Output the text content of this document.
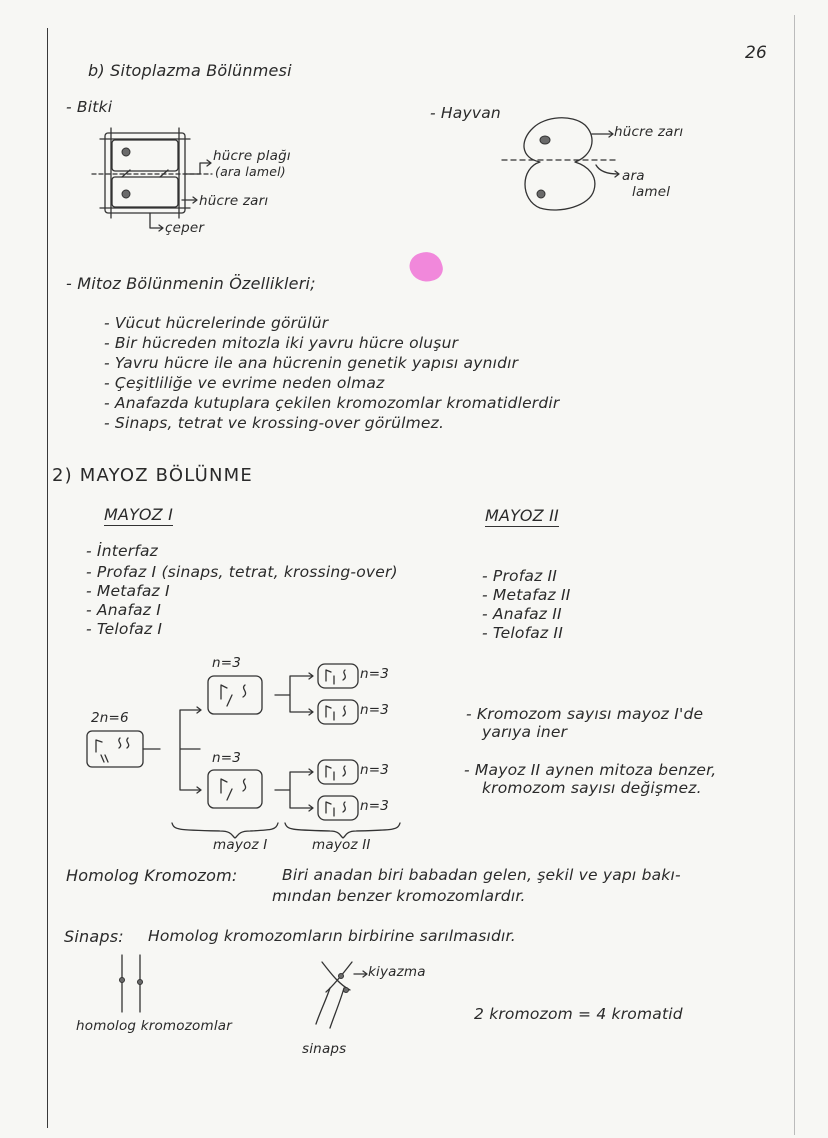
26
b) Sitoplazma Bölünmesi
- Bitki	- Hayvan
hücre plağı
(ara lamel)
hücre zarı
çeper
hücre zarı
ara
lamel
- Mitoz Bölünmenin Özellikleri;
- Vücut hücrelerinde görülür
- Bir hücreden mitozla iki yavru hücre oluşur
- Yavru hücre ile ana hücrenin genetik yapısı aynıdır
- Çeşitliliğe ve evrime neden olmaz
- Anafazda kutuplara çekilen kromozomlar kromatidlerdir
- Sinaps, tetrat ve krossing-over görülmez.
2) MAYOZ BÖLÜNME
MAYOZ I
- İnterfaz
- Profaz I (sinaps, tetrat, krossing-over)
- Metafaz I
- Anafaz I
- Telofaz I
MAYOZ II
- Profaz II
- Metafaz II
- Anafaz II
- Telofaz II
2n=6
n=3
n=3
n=3
n=3
n=3
n=3
mayoz I	mayoz II
- Kromozom sayısı mayoz I'de
yarıya iner
- Mayoz II aynen mitoza benzer,
kromozom sayısı değişmez.
Homolog Kromozom:	Biri anadan biri babadan gelen, şekil ve yapı bakı-
mından benzer kromozomlardır.
Sinaps: Homolog kromozomların birbirine sarılmasıdır.
homolog kromozomlar
kiyazma
sinaps
2 kromozom = 4 kromatid
